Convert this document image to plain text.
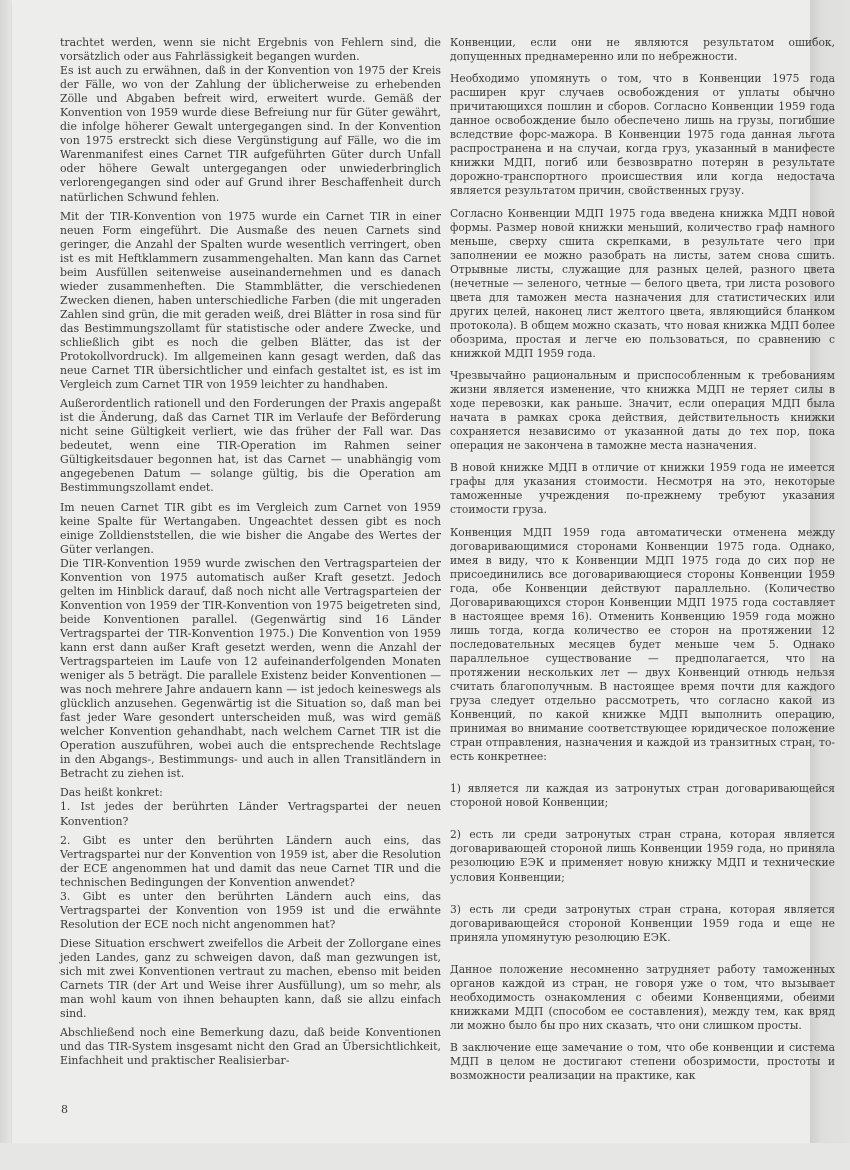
trachtet werden, wenn sie nicht Ergebnis von Fehlern sind, die vorsätzlich oder aus Fahrlässigkeit begangen wurden.

Es ist auch zu erwähnen, daß in der Konvention von 1975 der Kreis der Fälle, wo von der Zahlung der üblicherweise zu erhebenden Zölle und Abgaben befreit wird, erweitert wurde. Gemäß der Konvention von 1959 wurde diese Befreiung nur für Güter gewährt, die infolge höherer Gewalt untergegangen sind. In der Konvention von 1975 erstreckt sich diese Vergünstigung auf Fälle, wo die im Warenmanifest eines Carnet TIR aufgeführten Güter durch Unfall oder höhere Gewalt untergegangen oder unwiederbringlich verlorengegangen sind oder auf Grund ihrer Beschaffenheit durch natürlichen Schwund fehlen.

Mit der TIR-Konvention von 1975 wurde ein Carnet TIR in einer neuen Form eingeführt. Die Ausmaße des neuen Carnets sind geringer, die Anzahl der Spalten wurde wesentlich verringert, oben ist es mit Heftklammern zusammengehalten. Man kann das Carnet beim Ausfüllen seitenweise auseinandernehmen und es danach wieder zusammenheften. Die Stammblätter, die verschiedenen Zwecken dienen, haben unterschiedliche Farben (die mit ungeraden Zahlen sind grün, die mit geraden weiß, drei Blätter in rosa sind für das Bestimmungszollamt für statistische oder andere Zwecke, und schließlich gibt es noch die gelben Blätter, das ist der Protokollvordruck). Im allgemeinen kann gesagt werden, daß das neue Carnet TIR übersichtlicher und einfach gestaltet ist, es ist im Vergleich zum Carnet TIR von 1959 leichter zu handhaben.

Außerordentlich rationell und den Forderungen der Praxis angepaßt ist die Änderung, daß das Carnet TIR im Verlaufe der Beförderung nicht seine Gültigkeit verliert, wie das früher der Fall war. Das bedeutet, wenn eine TIR-Operation im Rahmen seiner Gültigkeitsdauer begonnen hat, ist das Carnet — unabhängig vom angegebenen Datum — solange gültig, bis die Operation am Bestimmungszollamt endet.

Im neuen Carnet TIR gibt es im Vergleich zum Carnet von 1959 keine Spalte für Wertangaben. Ungeachtet dessen gibt es noch einige Zolldienststellen, die wie bisher die Angabe des Wertes der Güter verlangen.

Die TIR-Konvention 1959 wurde zwischen den Vertragsparteien der Konvention von 1975 automatisch außer Kraft gesetzt. Jedoch gelten im Hinblick darauf, daß noch nicht alle Vertragsparteien der Konvention von 1959 der TIR-Konvention von 1975 beigetreten sind, beide Konventionen parallel. (Gegenwärtig sind 16 Länder Vertragspartei der TIR-Konvention 1975.) Die Konvention von 1959 kann erst dann außer Kraft gesetzt werden, wenn die Anzahl der Vertragsparteien im Laufe von 12 aufeinanderfolgenden Monaten weniger als 5 beträgt. Die parallele Existenz beider Konventionen — was noch mehrere Jahre andauern kann — ist jedoch keineswegs als glücklich anzusehen. Gegenwärtig ist die Situation so, daß man bei fast jeder Ware gesondert unterscheiden muß, was wird gemäß welcher Konvention gehandhabt, nach welchem Carnet TIR ist die Operation auszuführen, wobei auch die entsprechende Rechtslage in den Abgangs-, Bestimmungs- und auch in allen Transitländern in Betracht zu ziehen ist.

Das heißt konkret:

1. Ist jedes der berührten Länder Vertragspartei der neuen Konvention?

2. Gibt es unter den berührten Ländern auch eins, das Vertragspartei nur der Konvention von 1959 ist, aber die Resolution der ECE angenommen hat und damit das neue Carnet TIR und die technischen Bedingungen der Konvention anwendet?

3. Gibt es unter den berührten Ländern auch eins, das Vertragspartei der Konvention von 1959 ist und die erwähnte Resolution der ECE noch nicht angenommen hat?

Diese Situation erschwert zweifellos die Arbeit der Zollorgane eines jeden Landes, ganz zu schweigen davon, daß man gezwungen ist, sich mit zwei Konventionen vertraut zu machen, ebenso mit beiden Carnets TIR (der Art und Weise ihrer Ausfüllung), um so mehr, als man wohl kaum von ihnen behaupten kann, daß sie allzu einfach sind.

Abschließend noch eine Bemerkung dazu, daß beide Konventionen und das TIR-System insgesamt nicht den Grad an Übersichtlichkeit, Einfachheit und praktischer Realisierbar-

Конвенции, если они не являются результатом ошибок, допущенных преднамеренно или по небрежности.

Необходимо упомянуть о том, что в Конвенции 1975 года расширен круг случаев освобождения от уплаты обычно причитающихся пошлин и сборов. Согласно Конвенции 1959 года данное освобождение было обеспечено лишь на грузы, погибшие вследствие форс-мажора. В Конвенции 1975 года данная льгота распространена и на случаи, когда груз, указанный в манифесте книжки МДП, погиб или безвозвратно потерян в результате дорожно-транспортного происшествия или когда недостача является результатом причин, свойственных грузу.

Согласно Конвенции МДП 1975 года введена книжка МДП новой формы. Размер новой книжки меньший, количество граф намного меньше, сверху сшита скрепками, в результате чего при заполнении ее можно разобрать на листы, затем снова сшить. Отрывные листы, служащие для разных целей, разного цвета (нечетные — зеленого, четные — белого цвета, три листа розового цвета для таможен места назначения для статистических или других целей, наконец лист желтого цвета, являющийся бланком протокола). В общем можно сказать, что новая книжка МДП более обозрима, простая и легче ею пользоваться, по сравнению с книжкой МДП 1959 года.

Чрезвычайно рациональным и приспособленным к требованиям жизни является изменение, что книжка МДП не теряет силы в ходе перевозки, как раньше. Значит, если операция МДП была начата в рамках срока действия, действительность книжки сохраняется независимо от указанной даты до тех пор, пока операция не закончена в таможне места назначения.

В новой книжке МДП в отличие от книжки 1959 года не имеется графы для указания стоимости. Несмотря на это, некоторые таможенные учреждения по-прежнему требуют указания стоимости груза.

Конвенция МДП 1959 года автоматически отменена между договаривающимися сторонами Конвенции 1975 года. Однако, имея в виду, что к Конвенции МДП 1975 года до сих пор не присоединились все договаривающиеся стороны Конвенции 1959 года, обе Конвенции действуют параллельно. (Количество Договаривающихся сторон Конвенции МДП 1975 года составляет в настоящее время 16). Отменить Конвенцию 1959 года можно лишь тогда, когда количество ее сторон на протяжении 12 последовательных месяцев будет меньше чем 5. Однако параллельное существование — предполагается, что на протяжении нескольких лет — двух Конвенций отнюдь нельзя считать благополучным. В настоящее время почти для каждого груза следует отдельно рассмотреть, что согласно какой из Конвенций, по какой книжке МДП выполнить операцию, принимая во внимание соответствующее юридическое положение стран отправления, назначения и каждой из транзитных стран, то-есть конкретнее:

1) является ли каждая из затронутых стран договаривающейся стороной новой Конвенции;

2) есть ли среди затронутых стран страна, которая является договаривающей стороной лишь Конвенции 1959 года, но приняла резолюцию ЕЭК и применяет новую книжку МДП и технические условия Конвенции;

3) есть ли среди затронутых стран страна, которая является договаривающейся стороной Конвенции 1959 года и еще не приняла упомянутую резолюцию ЕЭК.

Данное положение несомненно затрудняет работу таможенных органов каждой из стран, не говоря уже о том, что вызывает необходимость ознакомления с обеими Конвенциями, обеими книжками МДП (способом ее составления), между тем, как вряд ли можно было бы про них сказать, что они слишком просты.

В заключение еще замечание о том, что обе конвенции и система МДП в целом не достигают степени обозримости, простоты и возможности реализации на практике, как

8
